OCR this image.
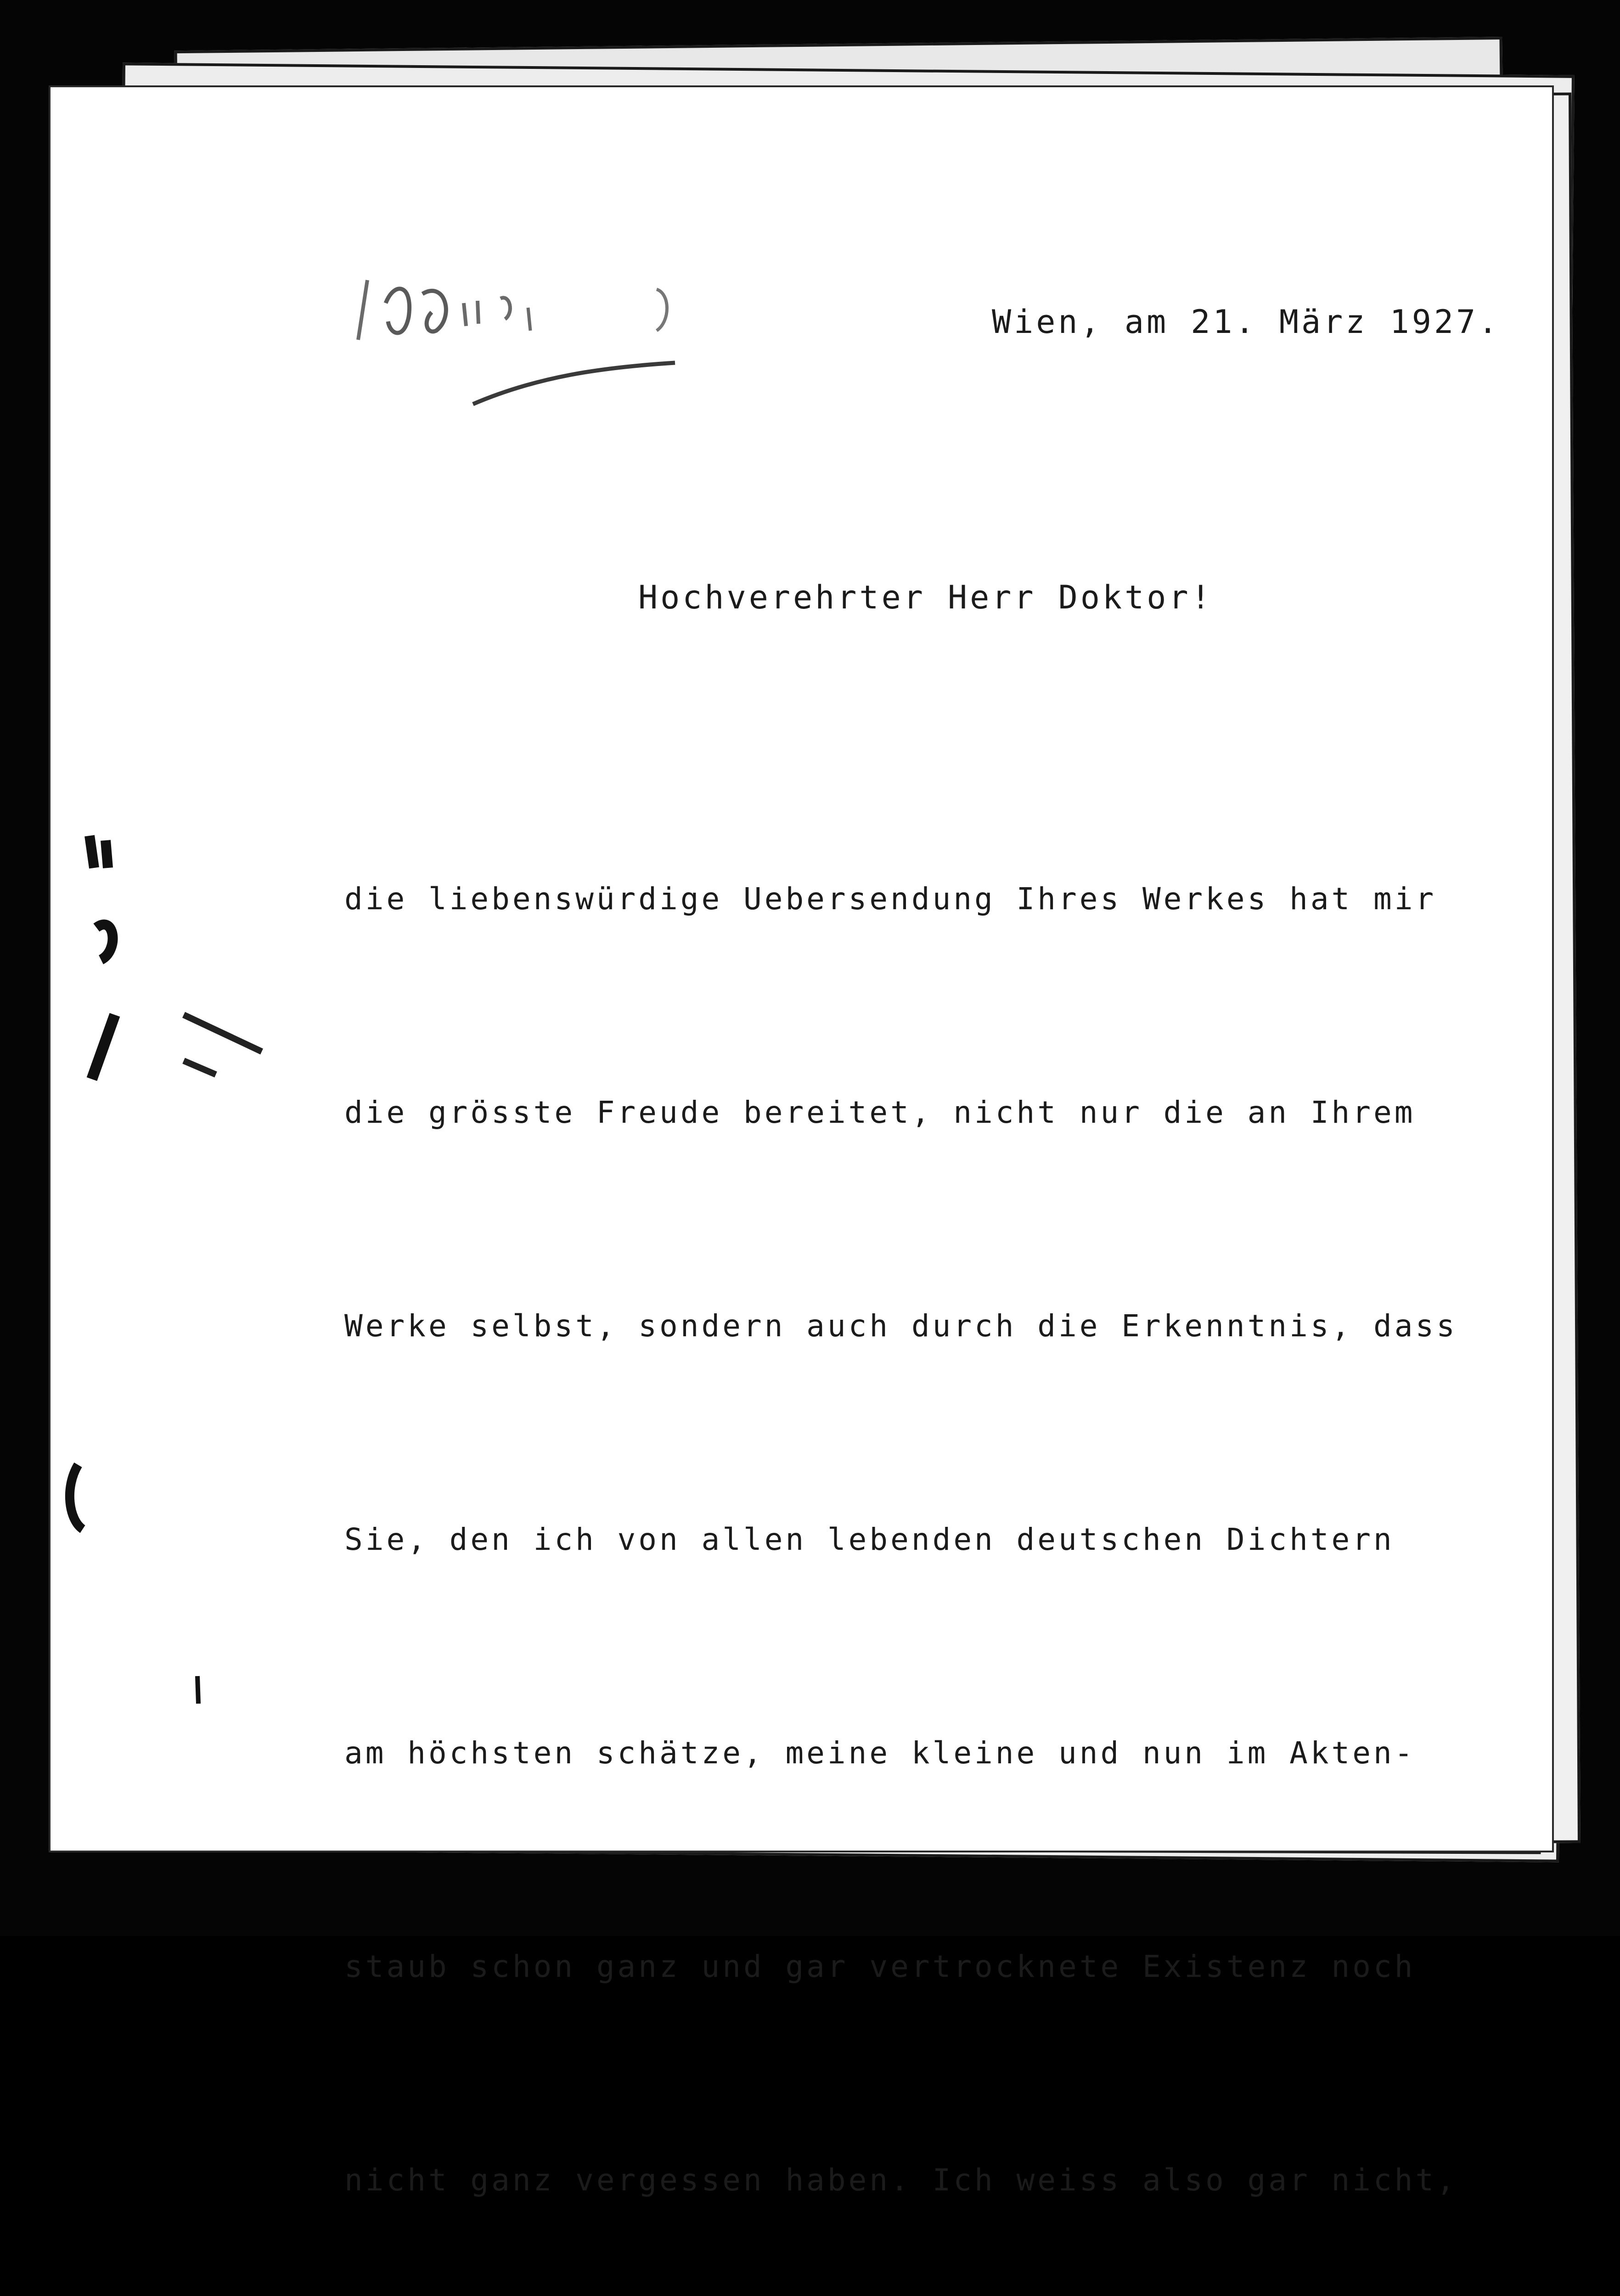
Wien, am 21. März 1927.
Hochverehrter Herr Doktor!

die liebenswürdige Uebersendung Ihres Werkes hat mir

die grösste Freude bereitet, nicht nur die an Ihrem

Werke selbst, sondern auch durch die Erkenntnis, dass

Sie, den ich von allen lebenden deutschen Dichtern

am höchsten schätze, meine kleine und nun im Akten-

staub schon ganz und gar vertrocknete Existenz noch

nicht ganz vergessen haben. Ich weiss also gar nicht,
